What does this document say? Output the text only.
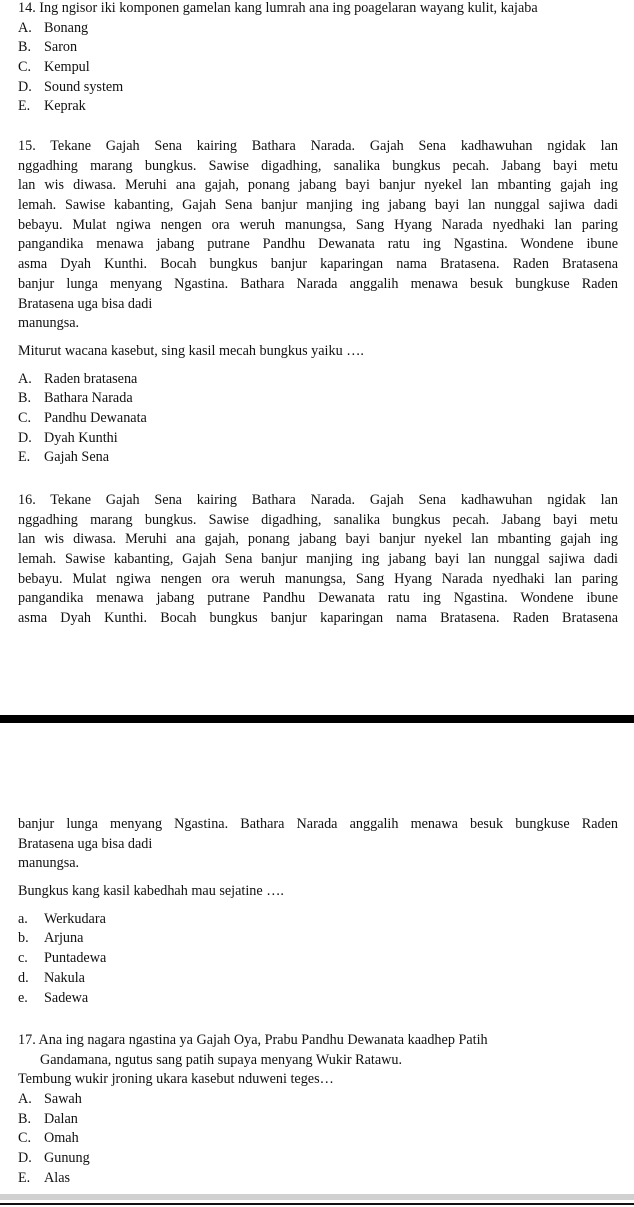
14. Ing ngisor iki komponen gamelan kang lumrah ana ing poagelaran wayang kulit, kajaba
A. Bonang
B. Saron
C. Kempul
D. Sound system
E. Keprak
15. Tekane Gajah Sena kairing Bathara Narada. Gajah Sena kadhawuhan ngidak lan
nggadhing marang bungkus. Sawise digadhing, sanalika bungkus pecah. Jabang bayi metu
lan wis diwasa. Meruhi ana gajah, ponang jabang bayi banjur nyekel lan mbanting gajah ing
lemah. Sawise kabanting, Gajah Sena banjur manjing ing jabang bayi lan nunggal sajiwa dadi
bebayu. Mulat ngiwa nengen ora weruh manungsa, Sang Hyang Narada nyedhaki lan paring
pangandika menawa jabang putrane Pandhu Dewanata ratu ing Ngastina. Wondene ibune
asma Dyah Kunthi. Bocah bungkus banjur kaparingan nama Bratasena. Raden Bratasena
banjur lunga menyang Ngastina. Bathara Narada anggalih menawa besuk bungkuse Raden
Bratasena uga bisa dadi
manungsa.
Miturut wacana kasebut, sing kasil mecah bungkus yaiku ….
A. Raden bratasena
B. Bathara Narada
C. Pandhu Dewanata
D. Dyah Kunthi
E. Gajah Sena
16. Tekane Gajah Sena kairing Bathara Narada. Gajah Sena kadhawuhan ngidak lan
nggadhing marang bungkus. Sawise digadhing, sanalika bungkus pecah. Jabang bayi metu
lan wis diwasa. Meruhi ana gajah, ponang jabang bayi banjur nyekel lan mbanting gajah ing
lemah. Sawise kabanting, Gajah Sena banjur manjing ing jabang bayi lan nunggal sajiwa dadi
bebayu. Mulat ngiwa nengen ora weruh manungsa, Sang Hyang Narada nyedhaki lan paring
pangandika menawa jabang putrane Pandhu Dewanata ratu ing Ngastina. Wondene ibune
asma Dyah Kunthi. Bocah bungkus banjur kaparingan nama Bratasena. Raden Bratasena
banjur lunga menyang Ngastina. Bathara Narada anggalih menawa besuk bungkuse Raden
Bratasena uga bisa dadi
manungsa.
Bungkus kang kasil kabedhah mau sejatine ….
a. Werkudara
b. Arjuna
c. Puntadewa
d. Nakula
e. Sadewa
17. Ana ing nagara ngastina ya Gajah Oya, Prabu Pandhu Dewanata kaadhep Patih
Gandamana, ngutus sang patih supaya menyang Wukir Ratawu.
Tembung wukir jroning ukara kasebut nduweni teges…
A. Sawah
B. Dalan
C. Omah
D. Gunung
E. Alas
